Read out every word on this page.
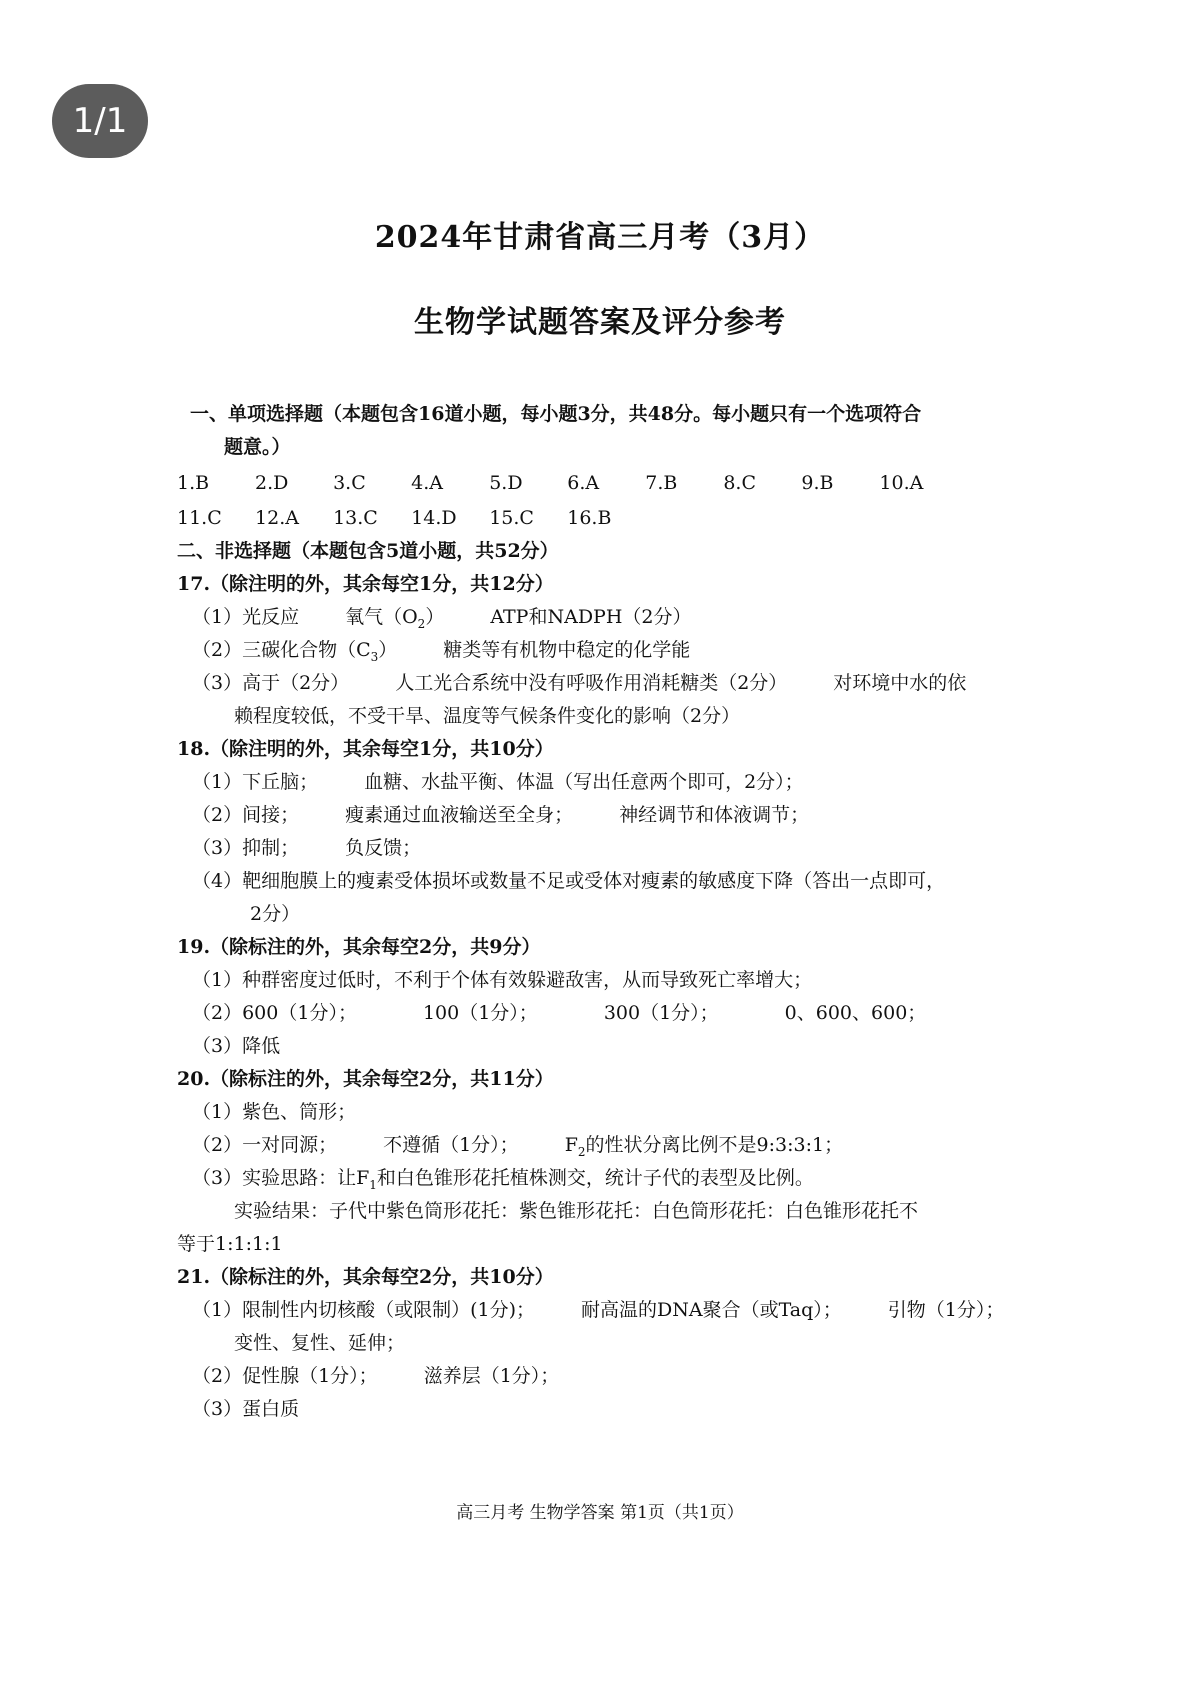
1/1
2024年甘肃省高三月考（3月）
生物学试题答案及评分参考
一、单项选择题（本题包含16道小题，每小题3分，共48分。每小题只有一个选项符合
题意。）
1.B 2.D 3.C 4.A 5.D 6.A 7.B 8.C 9.B 10.A
11.C 12.A 13.C 14.D 15.C 16.B
二、非选择题（本题包含5道小题，共52分）
17.（除注明的外，其余每空1分，共12分）
（1）光反应 氧气$(O_2)$ ATP和NADPH（2分）
（2）三碳化合物$(C_3)$ 糖类等有机物中稳定的化学能
（3）高于（2分） 人工光合系统中没有呼吸作用消耗糖类（2分） 对环境中水的依
赖程度较低，不受干旱、温度等气候条件变化的影响（2分）
18.（除注明的外，其余每空1分，共10分）
（1）下丘脑； 血糖、水盐平衡、体温（写出任意两个即可，2分）；
（2）间接； 瘦素通过血液输送至全身； 神经调节和体液调节；
（3）抑制； 负反馈；
（4）靶细胞膜上的瘦素受体损坏或数量不足或受体对瘦素的敏感度下降（答出一点即可，
2分）
19.（除标注的外，其余每空2分，共9分）
（1）种群密度过低时，不利于个体有效躲避敌害，从而导致死亡率增大；
（2）600（1分）；	100（1分）；	300（1分）；	0、600、600；
（3）降低
20.（除标注的外，其余每空2分，共11分）
（1）紫色、筒形；
（2）一对同源； 不遵循（1分）； $F_2$的性状分离比例不是9:3:3:1；
（3）实验思路：让$F_1$和白色锥形花托植株测交，统计子代的表型及比例。
实验结果：子代中紫色筒形花托：紫色锥形花托：白色筒形花托：白色锥形花托不
等于1:1:1:1
21.（除标注的外，其余每空2分，共10分）
（1）限制性内切核酸（或限制）(1分)； 耐高温的DNA聚合（或Taq）； 引物（1分）；
变性、复性、延伸；
（2）促性腺（1分）； 滋养层（1分）；
（3）蛋白质
高三月考 生物学答案 第1页（共1页）
